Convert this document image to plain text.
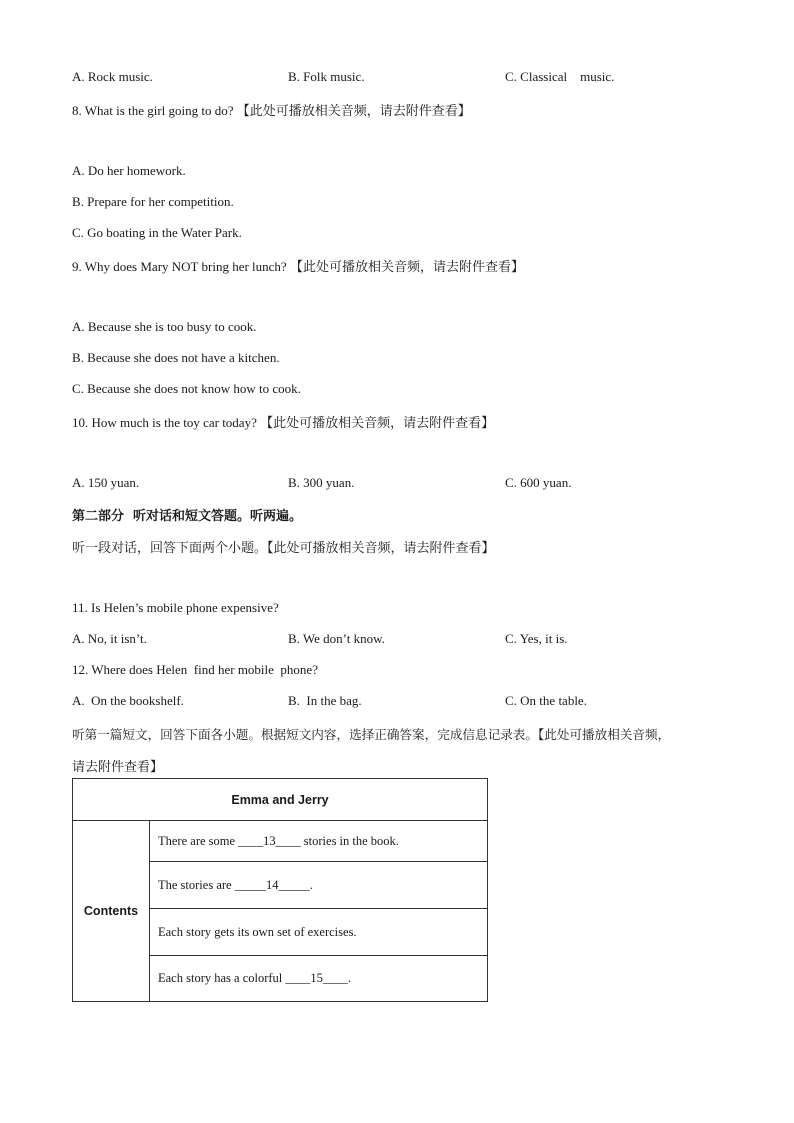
A. Rock music.	B. Folk music.	C. Classical    music.
8. What is the girl going to do? 【此处可播放相关音频，请去附件查看】
A. Do her homework.
B. Prepare for her competition.
C. Go boating in the Water Park.
9. Why does Mary NOT bring her lunch? 【此处可播放相关音频，请去附件查看】
A. Because she is too busy to cook.
B. Because she does not have a kitchen.
C. Because she does not know how to cook.
10. How much is the toy car today? 【此处可播放相关音频，请去附件查看】
A. 150 yuan.	B. 300 yuan.	C. 600 yuan.
第二部分  听对话和短文答题。听两遍。
听一段对话，回答下面两个小题。【此处可播放相关音频，请去附件查看】
11. Is Helen’s mobile phone expensive?
A. No, it isn’t.	B. We don’t know.	C. Yes, it is.
12. Where does Helen  find her mobile  phone?
A.  On the bookshelf.	B.  In the bag.	C. On the table.
听第一篇短文，回答下面各小题。根据短文内容，选择正确答案，完成信息记录表。【此处可播放相关音频，
请去附件查看】
Emma and Jerry
Contents	There are some ____13____ stories in the book.
The stories are _____14_____.
Each story gets its own set of exercises.
Each story has a colorful ____15____.
